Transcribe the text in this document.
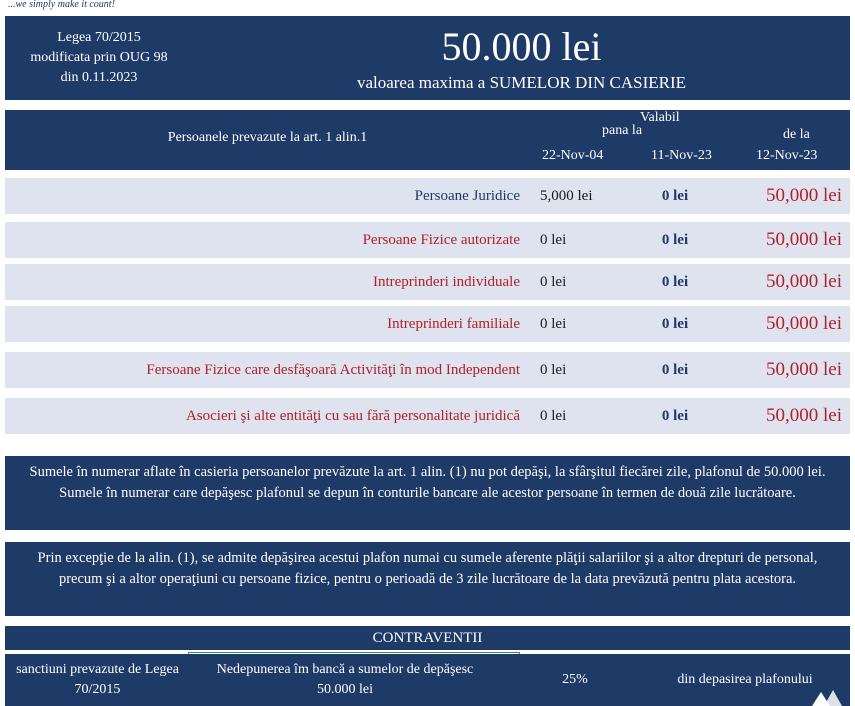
...we simply make it count!
Legea 70/2015
modificata prin OUG 98
din 0.11.2023
50.000 lei
valoarea maxima a SUMELOR DIN CASIERIE
Persoanele prevazute la art. 1 alin.1
Valabil
pana la	de la
22-Nov-04	11-Nov-23	12-Nov-23
Persoane Juridice 5,000 lei	0 lei	50,000 lei
Persoane Fizice autorizate 0 lei	0 lei	50,000 lei
Intreprinderi individuale 0 lei	0 lei	50,000 lei
Intreprinderi familiale 0 lei	0 lei	50,000 lei
Fersoane Fizice care desfăşoară Activităţi în mod Independent 0 lei	0 lei	50,000 lei
Asocieri şi alte entităţi cu sau fără personalitate juridică 0 lei	0 lei	50,000 lei
Sumele în numerar aflate în casieria persoanelor prevăzute la art. 1 alin. (1) nu pot depăşi, la sfârşitul fiecărei zile, plafonul de 50.000 lei. Sumele în numerar care depăşesc plafonul se depun în conturile bancare ale acestor persoane în termen de două zile lucrătoare.
Prin excepţie de la alin. (1), se admite depăşirea acestui plafon numai cu sumele aferente plăţii salariilor şi a altor drepturi de personal, precum şi a altor operaţiuni cu persoane fizice, pentru o perioadă de 3 zile lucrătoare de la data prevăzută pentru plata acestora.
CONTRAVENTII
sanctiuni prevazute de Legea 70/2015
Nedepunerea îm bancă a sumelor de depăşesc 50.000 lei
25%	din depasirea plafonului
